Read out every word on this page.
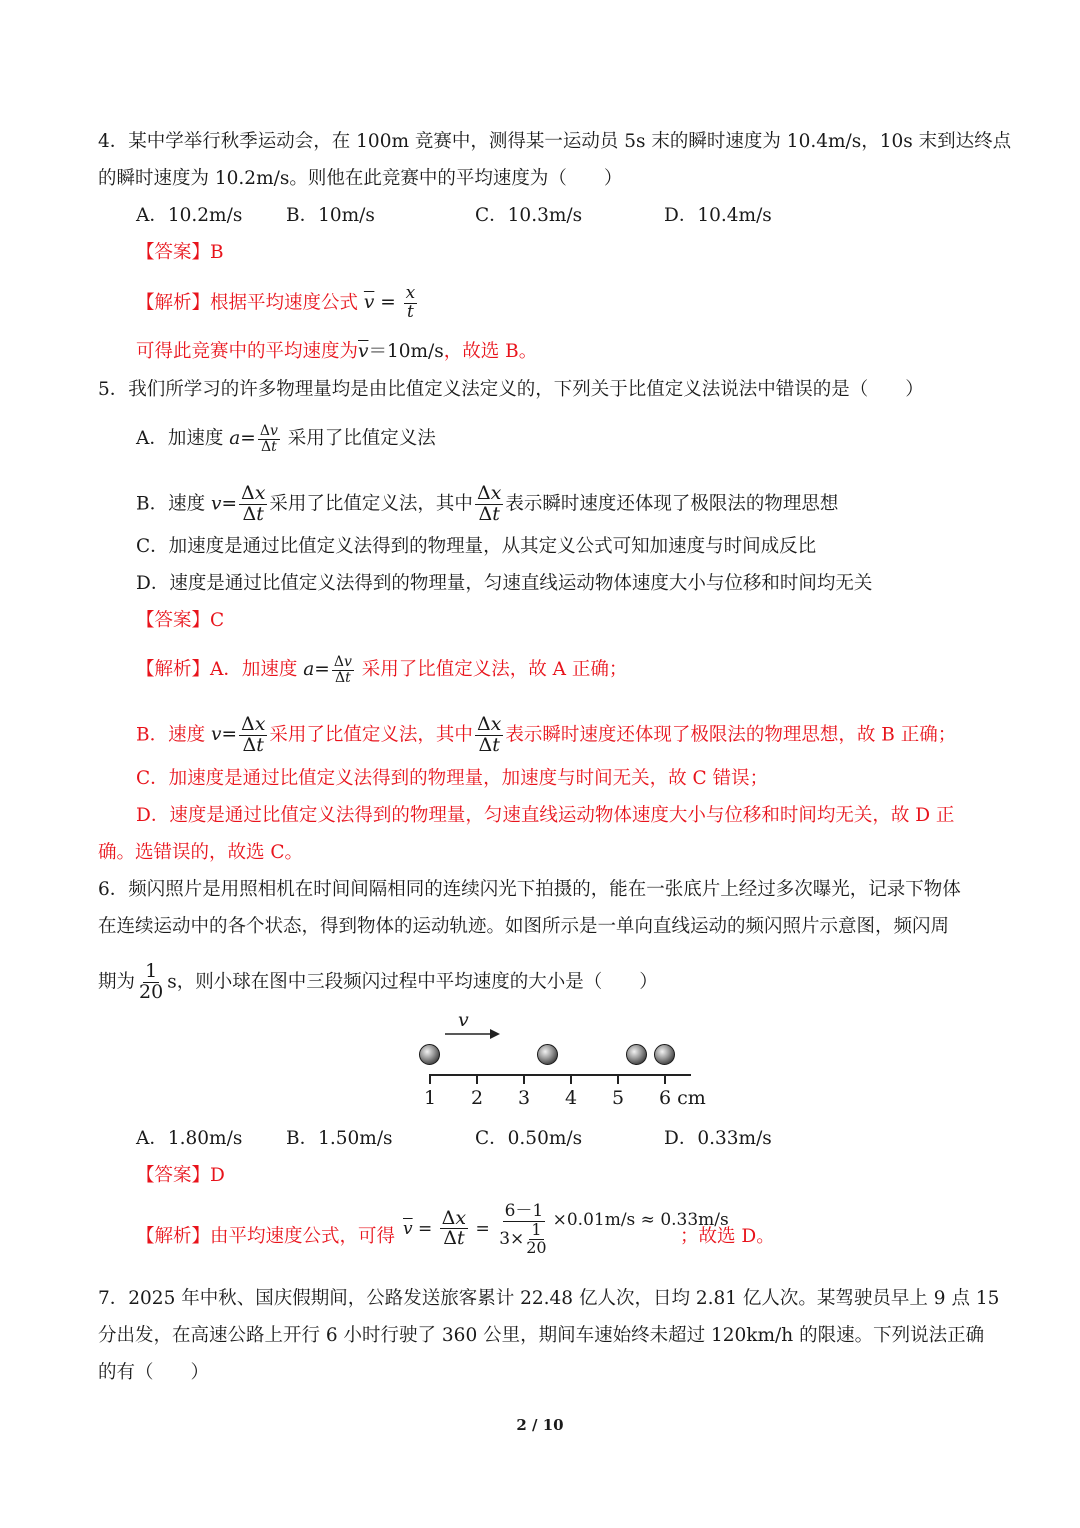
4．某中学举行秋季运动会，在 100m 竞赛中，测得某一运动员 5s 末的瞬时速度为 10.4m/s，10s 末到达终点
的瞬时速度为 10.2m/s。则他在此竞赛中的平均速度为（　　）
A．10.2m/s B．10m/s	C．10.3m/s	D．10.4m/s
【答案】B
【解析】根据平均速度公式 $\overline{v} = \frac{x}{t}$
可得此竞赛中的平均速度为$\overline{v}=10m/s$，故选 B。
5．我们所学习的许多物理量均是由比值定义法定义的，下列关于比值定义法说法中错误的是（　　）
A．加速度 $a= \frac{\Delta v}{\Delta t}$ 采用了比值定义法
B．速度 $v= \frac{\Delta x}{\Delta t}$ 采用了比值定义法，其中 $\frac{\Delta x}{\Delta t}$ 表示瞬时速度还体现了极限法的物理思想
C．加速度是通过比值定义法得到的物理量，从其定义公式可知加速度与时间成反比
D．速度是通过比值定义法得到的物理量，匀速直线运动物体速度大小与位移和时间均无关
【答案】C
【解析】A．加速度 $a= \frac{\Delta v}{\Delta t}$ 采用了比值定义法，故 A 正确；
B．速度 $v= \frac{\Delta x}{\Delta t}$ 采用了比值定义法，其中 $\frac{\Delta x}{\Delta t}$ 表示瞬时速度还体现了极限法的物理思想，故 B 正确；
C．加速度是通过比值定义法得到的物理量，加速度与时间无关，故 C 错误；
D．速度是通过比值定义法得到的物理量，匀速直线运动物体速度大小与位移和时间均无关，故 D 正
确。选错误的，故选 C。
6．频闪照片是用照相机在时间间隔相同的连续闪光下拍摄的，能在一张底片上经过多次曝光，记录下物体
在连续运动中的各个状态，得到物体的运动轨迹。如图所示是一单向直线运动的频闪照片示意图，频闪周
期为 $\frac{1}{20}$ s，则小球在图中三段频闪过程中平均速度的大小是（　　）
v
1 2 3 4 5 6 cm
A．1.80m/s B．1.50m/s	C．0.50m/s	D．0.33m/s
【答案】D
【解析】由平均速度公式，可得 $\overline{v} = \frac{\Delta x}{\Delta t} = \frac{6-1}{3\times \frac{1}{20}} \times 0.01m/s \approx 0.33m/s$
；故选 D。
7．2025 年中秋、国庆假期间，公路发送旅客累计 22.48 亿人次，日均 2.81 亿人次。某驾驶员早上 9 点 15
分出发，在高速公路上开行 6 小时行驶了 360 公里，期间车速始终未超过 120km/h 的限速。下列说法正确
的有（　　）
2 / 10
